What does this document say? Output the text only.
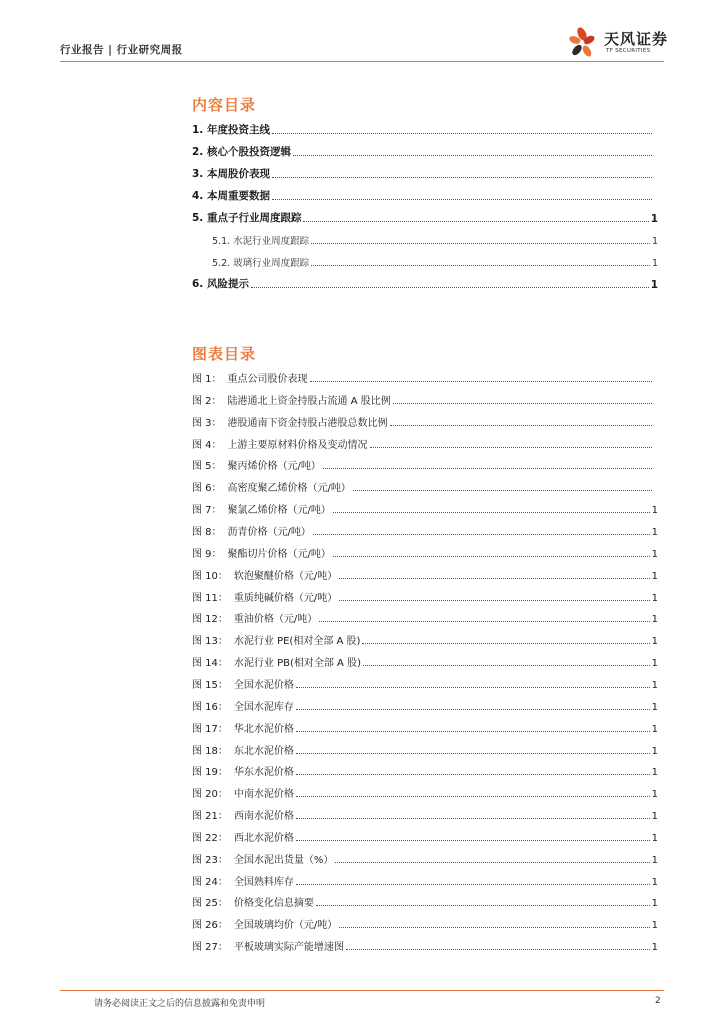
行业报告 | 行业研究周报
天风证券
TF SECURITIES
内容目录
1. 年度投资主线
2. 核心个股投资逻辑
3. 本周股价表现
4. 本周重要数据
5. 重点子行业周度跟踪	1
5.1. 水泥行业周度跟踪	1
5.2. 玻璃行业周度跟踪	1
6. 风险提示	1
图表目录
图 1： 重点公司股价表现
图 2： 陆港通北上资金持股占流通 A 股比例
图 3： 港股通南下资金持股占港股总数比例
图 4： 上游主要原材料价格及变动情况
图 5： 聚丙烯价格（元/吨）
图 6： 高密度聚乙烯价格（元/吨）
图 7： 聚氯乙烯价格（元/吨）	1
图 8： 沥青价格（元/吨）	1
图 9： 聚酯切片价格（元/吨）	1
图 10： 软泡聚醚价格（元/吨）	1
图 11： 重质纯碱价格（元/吨）	1
图 12： 重油价格（元/吨）	1
图 13： 水泥行业 PE(相对全部 A 股)	1
图 14： 水泥行业 PB(相对全部 A 股)	1
图 15： 全国水泥价格	1
图 16： 全国水泥库存	1
图 17： 华北水泥价格	1
图 18： 东北水泥价格	1
图 19： 华东水泥价格	1
图 20： 中南水泥价格	1
图 21： 西南水泥价格	1
图 22： 西北水泥价格	1
图 23： 全国水泥出货量（%）	1
图 24： 全国熟料库存	1
图 25： 价格变化信息摘要	1
图 26： 全国玻璃均价（元/吨）	1
图 27： 平板玻璃实际产能增速图	1
请务必阅读正文之后的信息披露和免责申明	2
